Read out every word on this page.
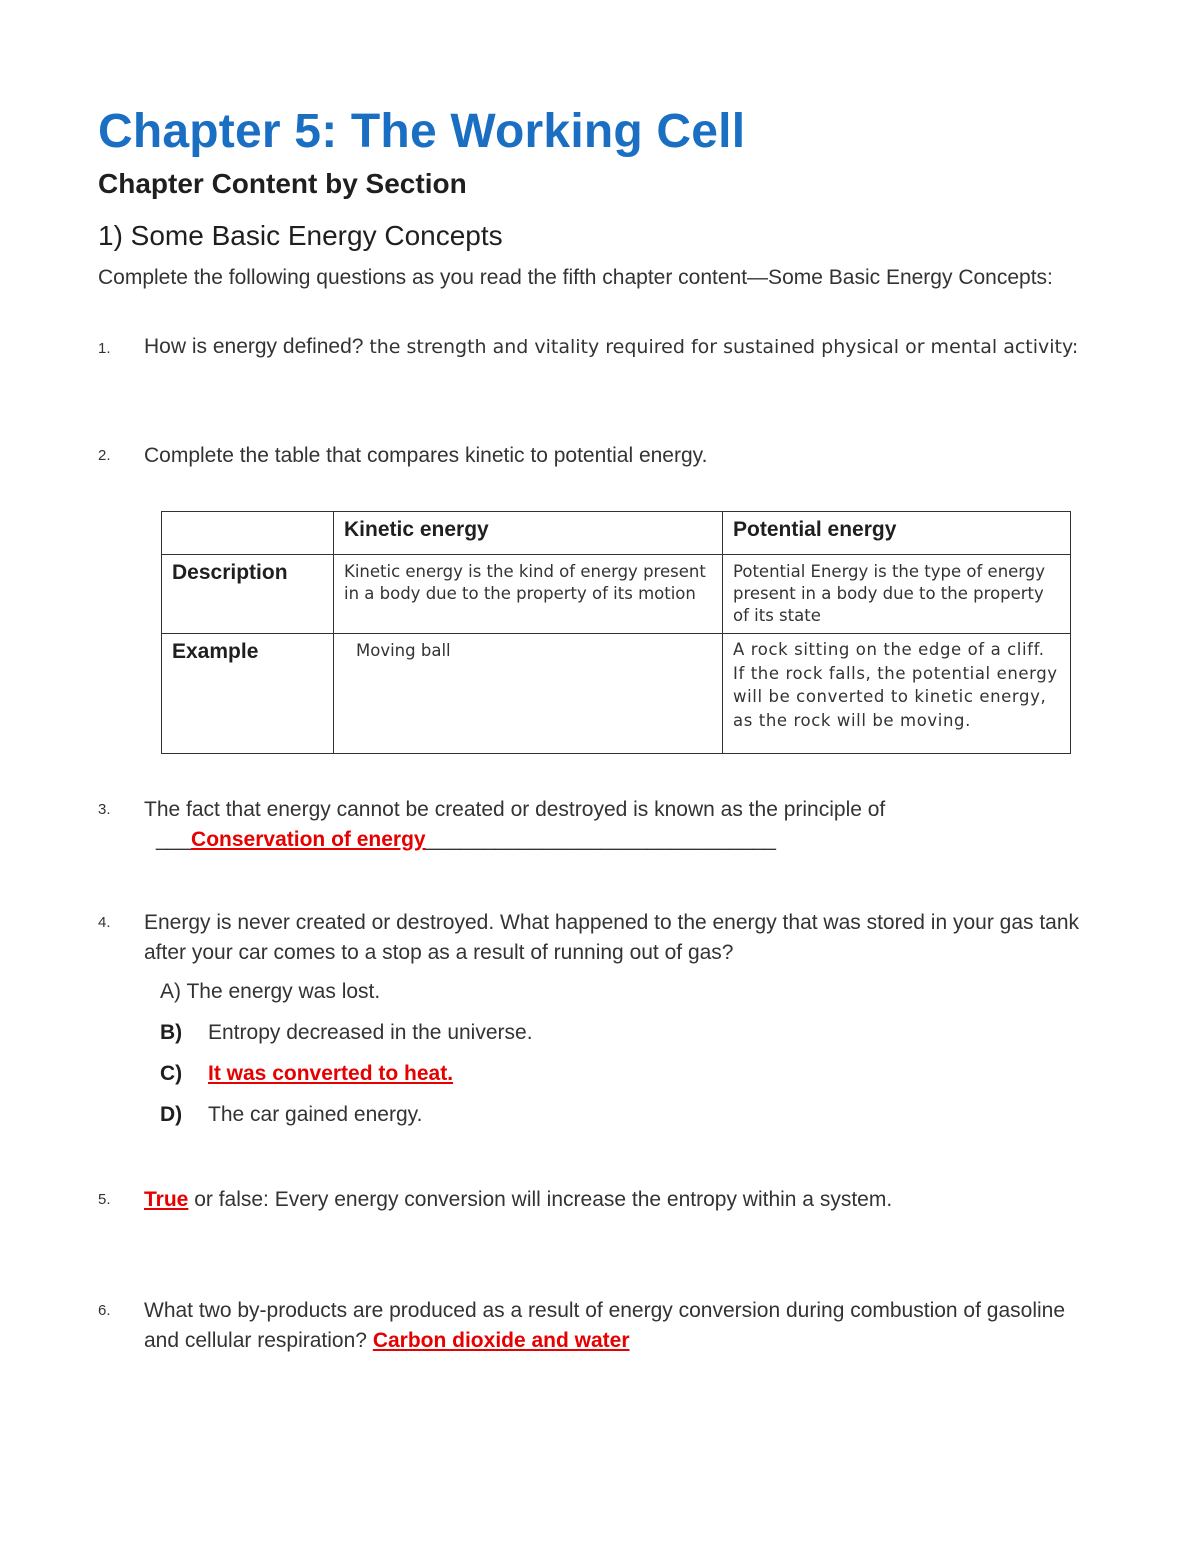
Chapter 5: The Working Cell
Chapter Content by Section
1) Some Basic Energy Concepts
Complete the following questions as you read the fifth chapter content—Some Basic Energy Concepts:
1. How is energy defined? the strength and vitality required for sustained physical or mental activity:
2. Complete the table that compares kinetic to potential energy.
	Kinetic energy	Potential energy
Description	Kinetic energy is the kind of energy present in a body due to the property of its motion	Potential Energy is the type of energy present in a body due to the property of its state
Example	Moving ball	A rock sitting on the edge of a cliff. If the rock falls, the potential energy will be converted to kinetic energy, as the rock will be moving.
3. The fact that energy cannot be created or destroyed is known as the principle of
___Conservation of energy______________________________
4. Energy is never created or destroyed. What happened to the energy that was stored in your gas tank after your car comes to a stop as a result of running out of gas?
A) The energy was lost.
B) Entropy decreased in the universe.
C) It was converted to heat.
D) The car gained energy.
5. True or false: Every energy conversion will increase the entropy within a system.
6. What two by-products are produced as a result of energy conversion during combustion of gasoline and cellular respiration? Carbon dioxide and water
